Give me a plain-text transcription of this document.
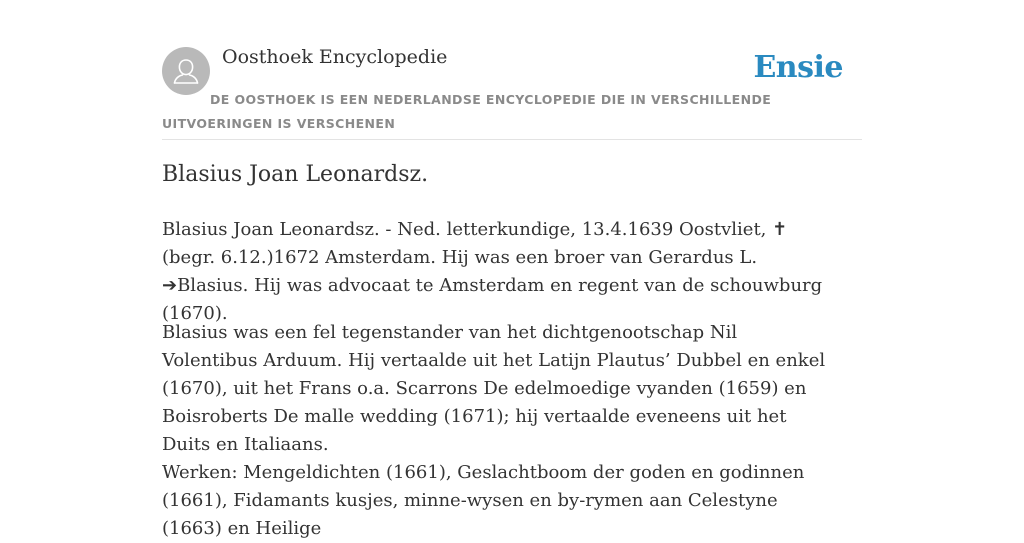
Oosthoek Encyclopedie	Ensie
DE OOSTHOEK IS EEN NEDERLANDSE ENCYCLOPEDIE DIE IN VERSCHILLENDE UITVOERINGEN IS VERSCHENEN
Blasius Joan Leonardsz.

Blasius Joan Leonardsz. - Ned. letterkundige, 13.4.1639 Oostvliet, ✝ (begr. 6.12.)1672 Amsterdam. Hij was een broer van Gerardus L. ➔Blasius. Hij was advocaat te Amsterdam en regent van de schouwburg (1670).

Blasius was een fel tegenstander van het dichtgenootschap Nil Volentibus Arduum. Hij vertaalde uit het Latijn Plautus’ Dubbel en enkel (1670), uit het Frans o.a. Scarrons De edelmoedige vyanden (1659) en Boisroberts De malle wedding (1671); hij vertaalde eveneens uit het Duits en Italiaans.

Werken: Mengeldichten (1661), Geslachtboom der goden en godinnen (1661), Fidamants kusjes, minne-wysen en by-rymen aan Celestyne (1663) en Heilige
